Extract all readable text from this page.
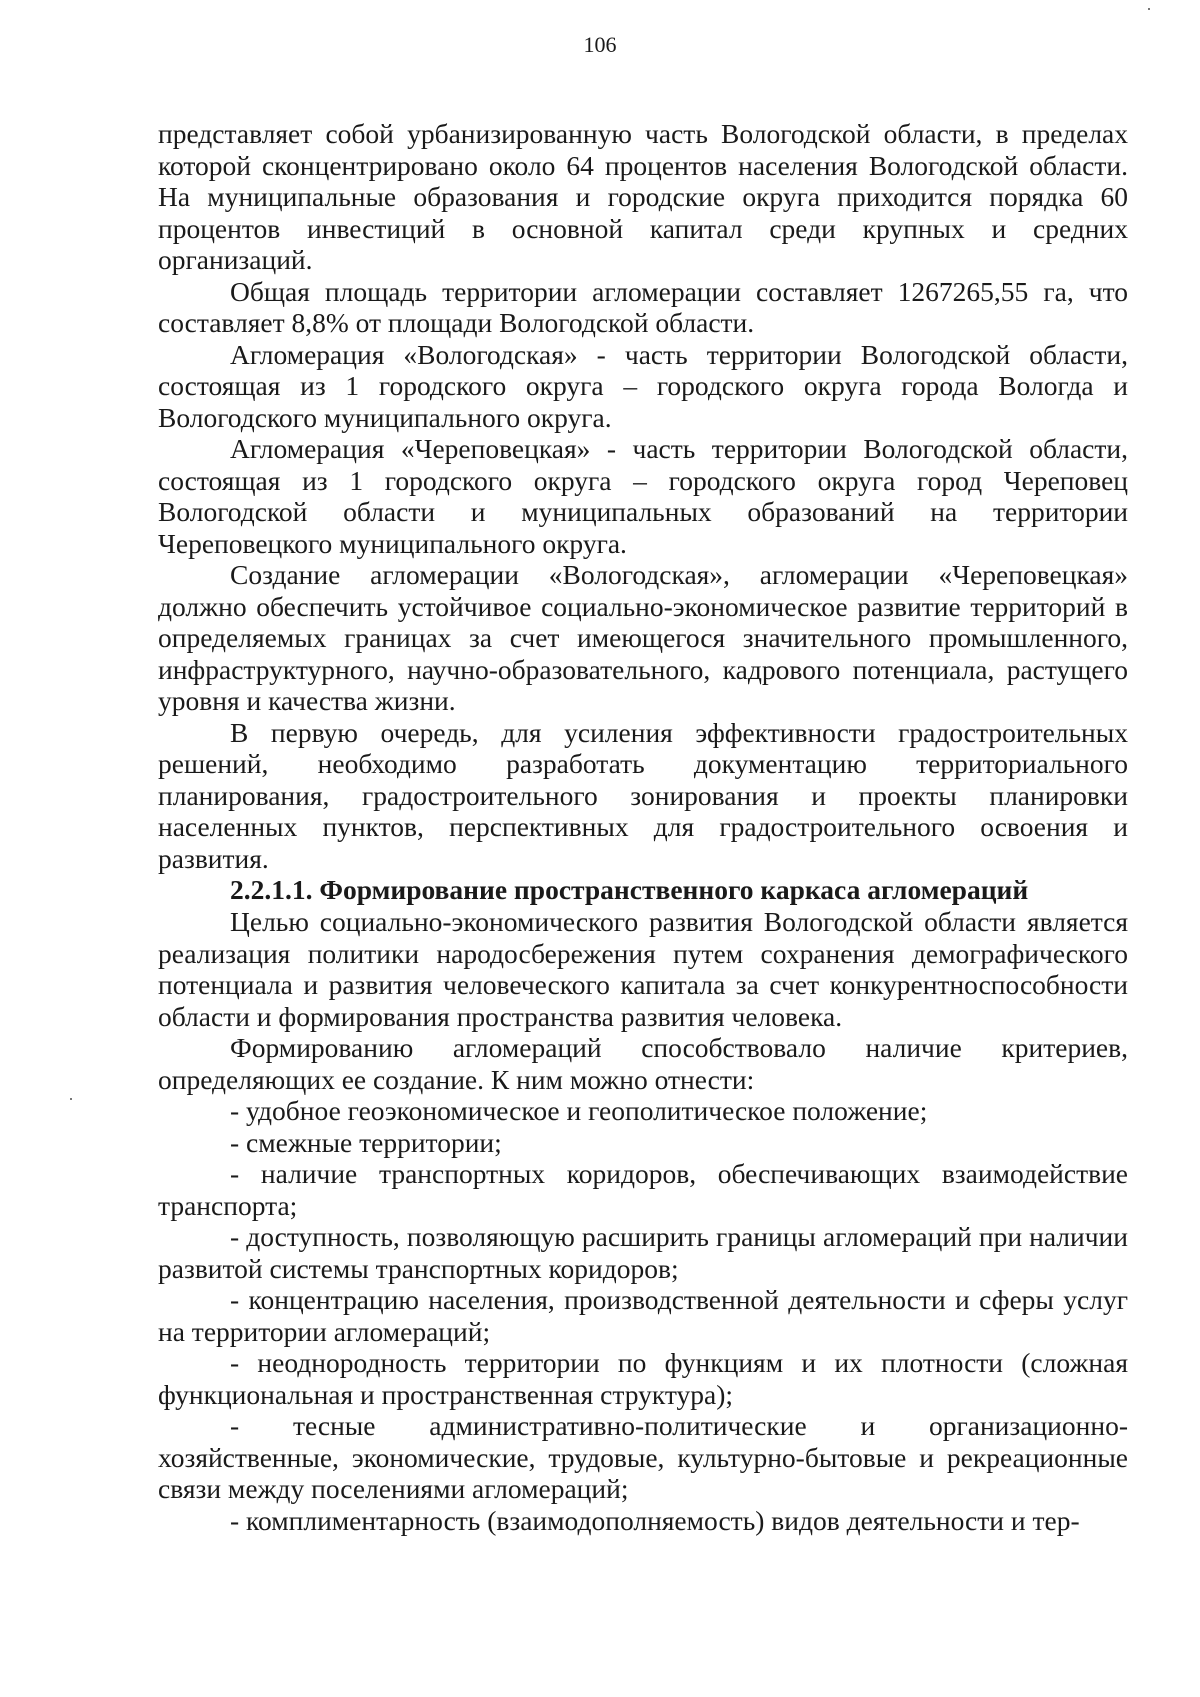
106

представляет собой урбанизированную часть Вологодской области, в пределах которой сконцентрировано около 64 процентов населения Вологодской области. На муниципальные образования и городские округа приходится порядка 60 процентов инвестиций в основной капитал среди крупных и средних организаций.

Общая площадь территории агломерации составляет 1267265,55 га, что составляет 8,8% от площади Вологодской области.

Агломерация «Вологодская» - часть территории Вологодской области, состоящая из 1 городского округа – городского округа города Вологда и Вологодского муниципального округа.

Агломерация «Череповецкая» - часть территории Вологодской области, состоящая из 1 городского округа – городского округа город Череповец Вологодской области и муниципальных образований на территории Череповецкого муниципального округа.

Создание агломерации «Вологодская», агломерации «Череповецкая» должно обеспечить устойчивое социально-экономическое развитие территорий в определяемых границах за счет имеющегося значительного промышленного, инфраструктурного, научно-образовательного, кадрового потенциала, растущего уровня и качества жизни.

В первую очередь, для усиления эффективности градостроительных решений, необходимо разработать документацию территориального планирования, градостроительного зонирования и проекты планировки населенных пунктов, перспективных для градостроительного освоения и развития.

2.2.1.1. Формирование пространственного каркаса агломераций

Целью социально-экономического развития Вологодской области является реализация политики народосбережения путем сохранения демографического потенциала и развития человеческого капитала за счет конкурентноспособности области и формирования пространства развития человека.

Формированию агломераций способствовало наличие критериев, определяющих ее создание. К ним можно отнести:

- удобное геоэкономическое и геополитическое положение;

- смежные территории;

- наличие транспортных коридоров, обеспечивающих взаимодействие транспорта;

- доступность, позволяющую расширить границы агломераций при наличии развитой системы транспортных коридоров;

- концентрацию населения, производственной деятельности и сферы услуг на территории агломераций;

- неоднородность территории по функциям и их плотности (сложная функциональная и пространственная структура);

- тесные административно-политические и организационно- хозяйственные, экономические, трудовые, культурно-бытовые и рекреационные связи между поселениями агломераций;

- комплиментарность (взаимодополняемость) видов деятельности и тер-
